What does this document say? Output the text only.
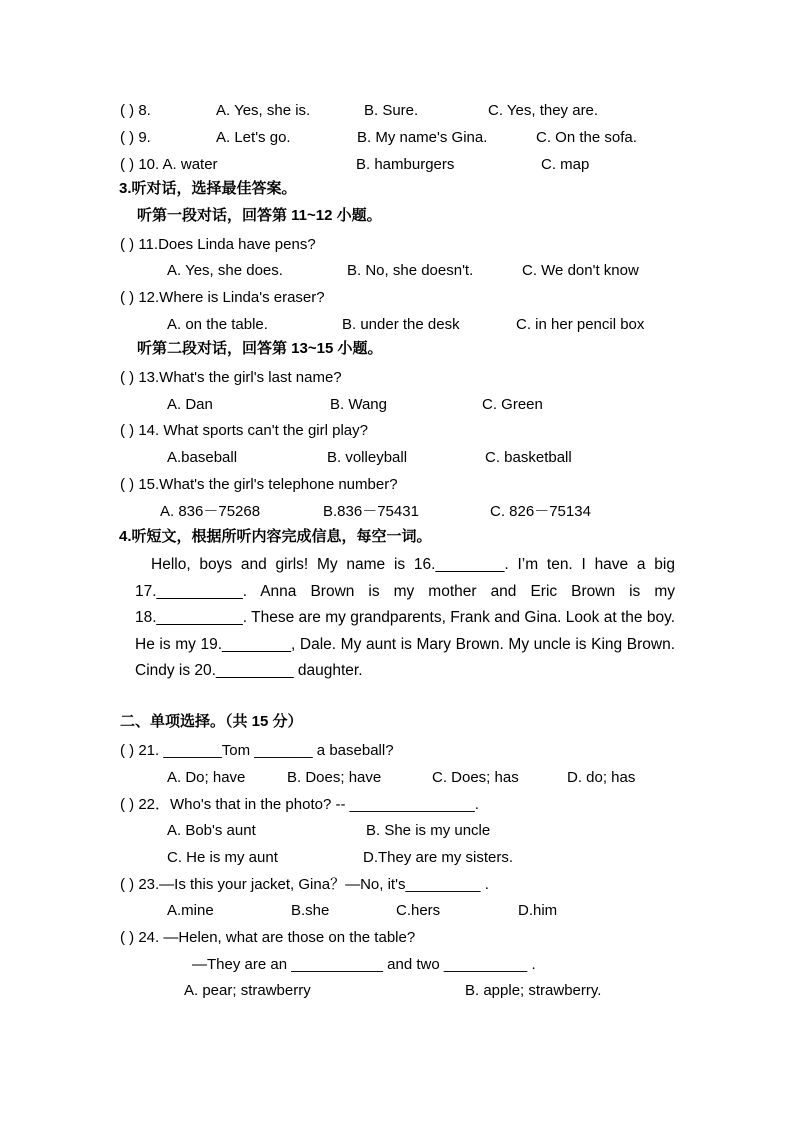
( ) 8.	A. Yes, she is.	B. Sure.	C. Yes, they are.
( ) 9.	A. Let's go.	B. My name's Gina.	C. On the sofa.
( ) 10. A. water	B. hamburgers	C. map
3.听对话，选择最佳答案。
听第一段对话，回答第 11~12 小题。
( ) 11.Does Linda have pens?
A. Yes, she does.	B. No, she doesn't.	C. We don't know
( ) 12.Where is Linda's eraser?
A. on the table.	B. under the desk	C. in her pencil box
听第二段对话，回答第 13~15 小题。
( ) 13.What's the girl's last name?
A. Dan	B. Wang	C. Green
( ) 14. What sports can't the girl play?
A.baseball	B. volleyball	C. basketball
( ) 15.What's the girl's telephone number?
A. 836－75268	B.836－75431	C. 826－75134
4.听短文，根据所听内容完成信息，每空一词。
二、单项选择。（共 15 分）
( ) 21. _______Tom _______ a baseball?
A. Do; have	B. Does; have	C. Does; has	D. do; has
( ) 22．Who's that in the photo? -- _______________.
A. Bob's aunt	B. She is my uncle
C. He is my aunt	D.They are my sisters.
( ) 23.—Is this your jacket, Gina？—No, it's_________ .
A.mine	B.she	C.hers	D.him
( ) 24. —Helen, what are those on the table?
—They are an ___________ and two __________ .
A. pear; strawberry	B. apple; strawberry.
Hello, boys and girls! My name is 16.________. I’m ten. I have a big 17.__________. Anna Brown is my mother and Eric Brown is my 18.__________. These are my grandparents, Frank and Gina. Look at the boy. He is my 19.________, Dale. My aunt is Mary Brown. My uncle is King Brown. Cindy is 20._________ daughter.
